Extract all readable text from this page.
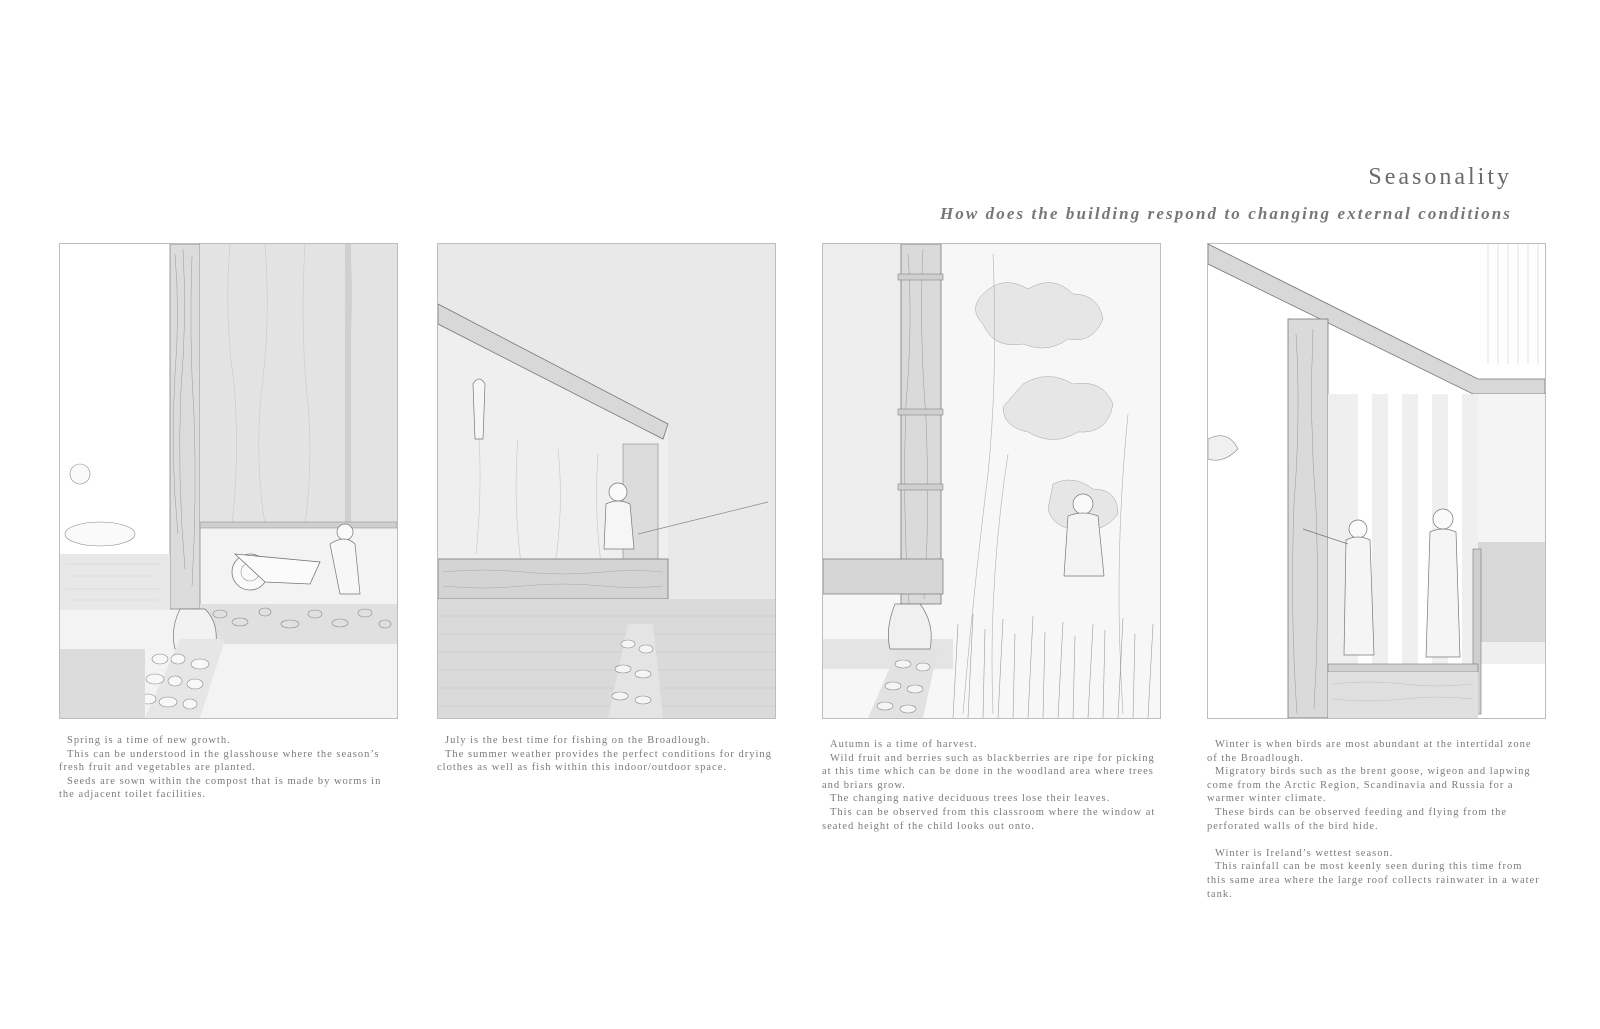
Seasonality
How does the building respond to changing external conditions

Spring is a time of new growth.

This can be understood in the glasshouse where the season’s fresh fruit and vegetables are planted.

Seeds are sown within the compost that is made by worms in the adjacent toilet facilities.

July is the best time for fishing on the Broadlough.

The summer weather provides the perfect conditions for drying clothes as well as fish within this indoor/outdoor space.

Autumn is a time of harvest.

Wild fruit and berries such as blackberries are ripe for picking at this time which can be done in the woodland area where trees and briars grow.

The changing native deciduous trees lose their leaves.

This can be observed from this classroom where the window at seated height of the child looks out onto.

Winter is when birds are most abundant at the intertidal zone of the Broadlough.

Migratory birds such as the brent goose, wigeon and lapwing come from the Arctic Region, Scandinavia and Russia for a warmer winter climate.

These birds can be observed feeding and flying from the perforated walls of the bird hide.

Winter is Ireland’s wettest season.

This rainfall can be most keenly seen during this time from this same area where the large roof collects rainwater in a water tank.
